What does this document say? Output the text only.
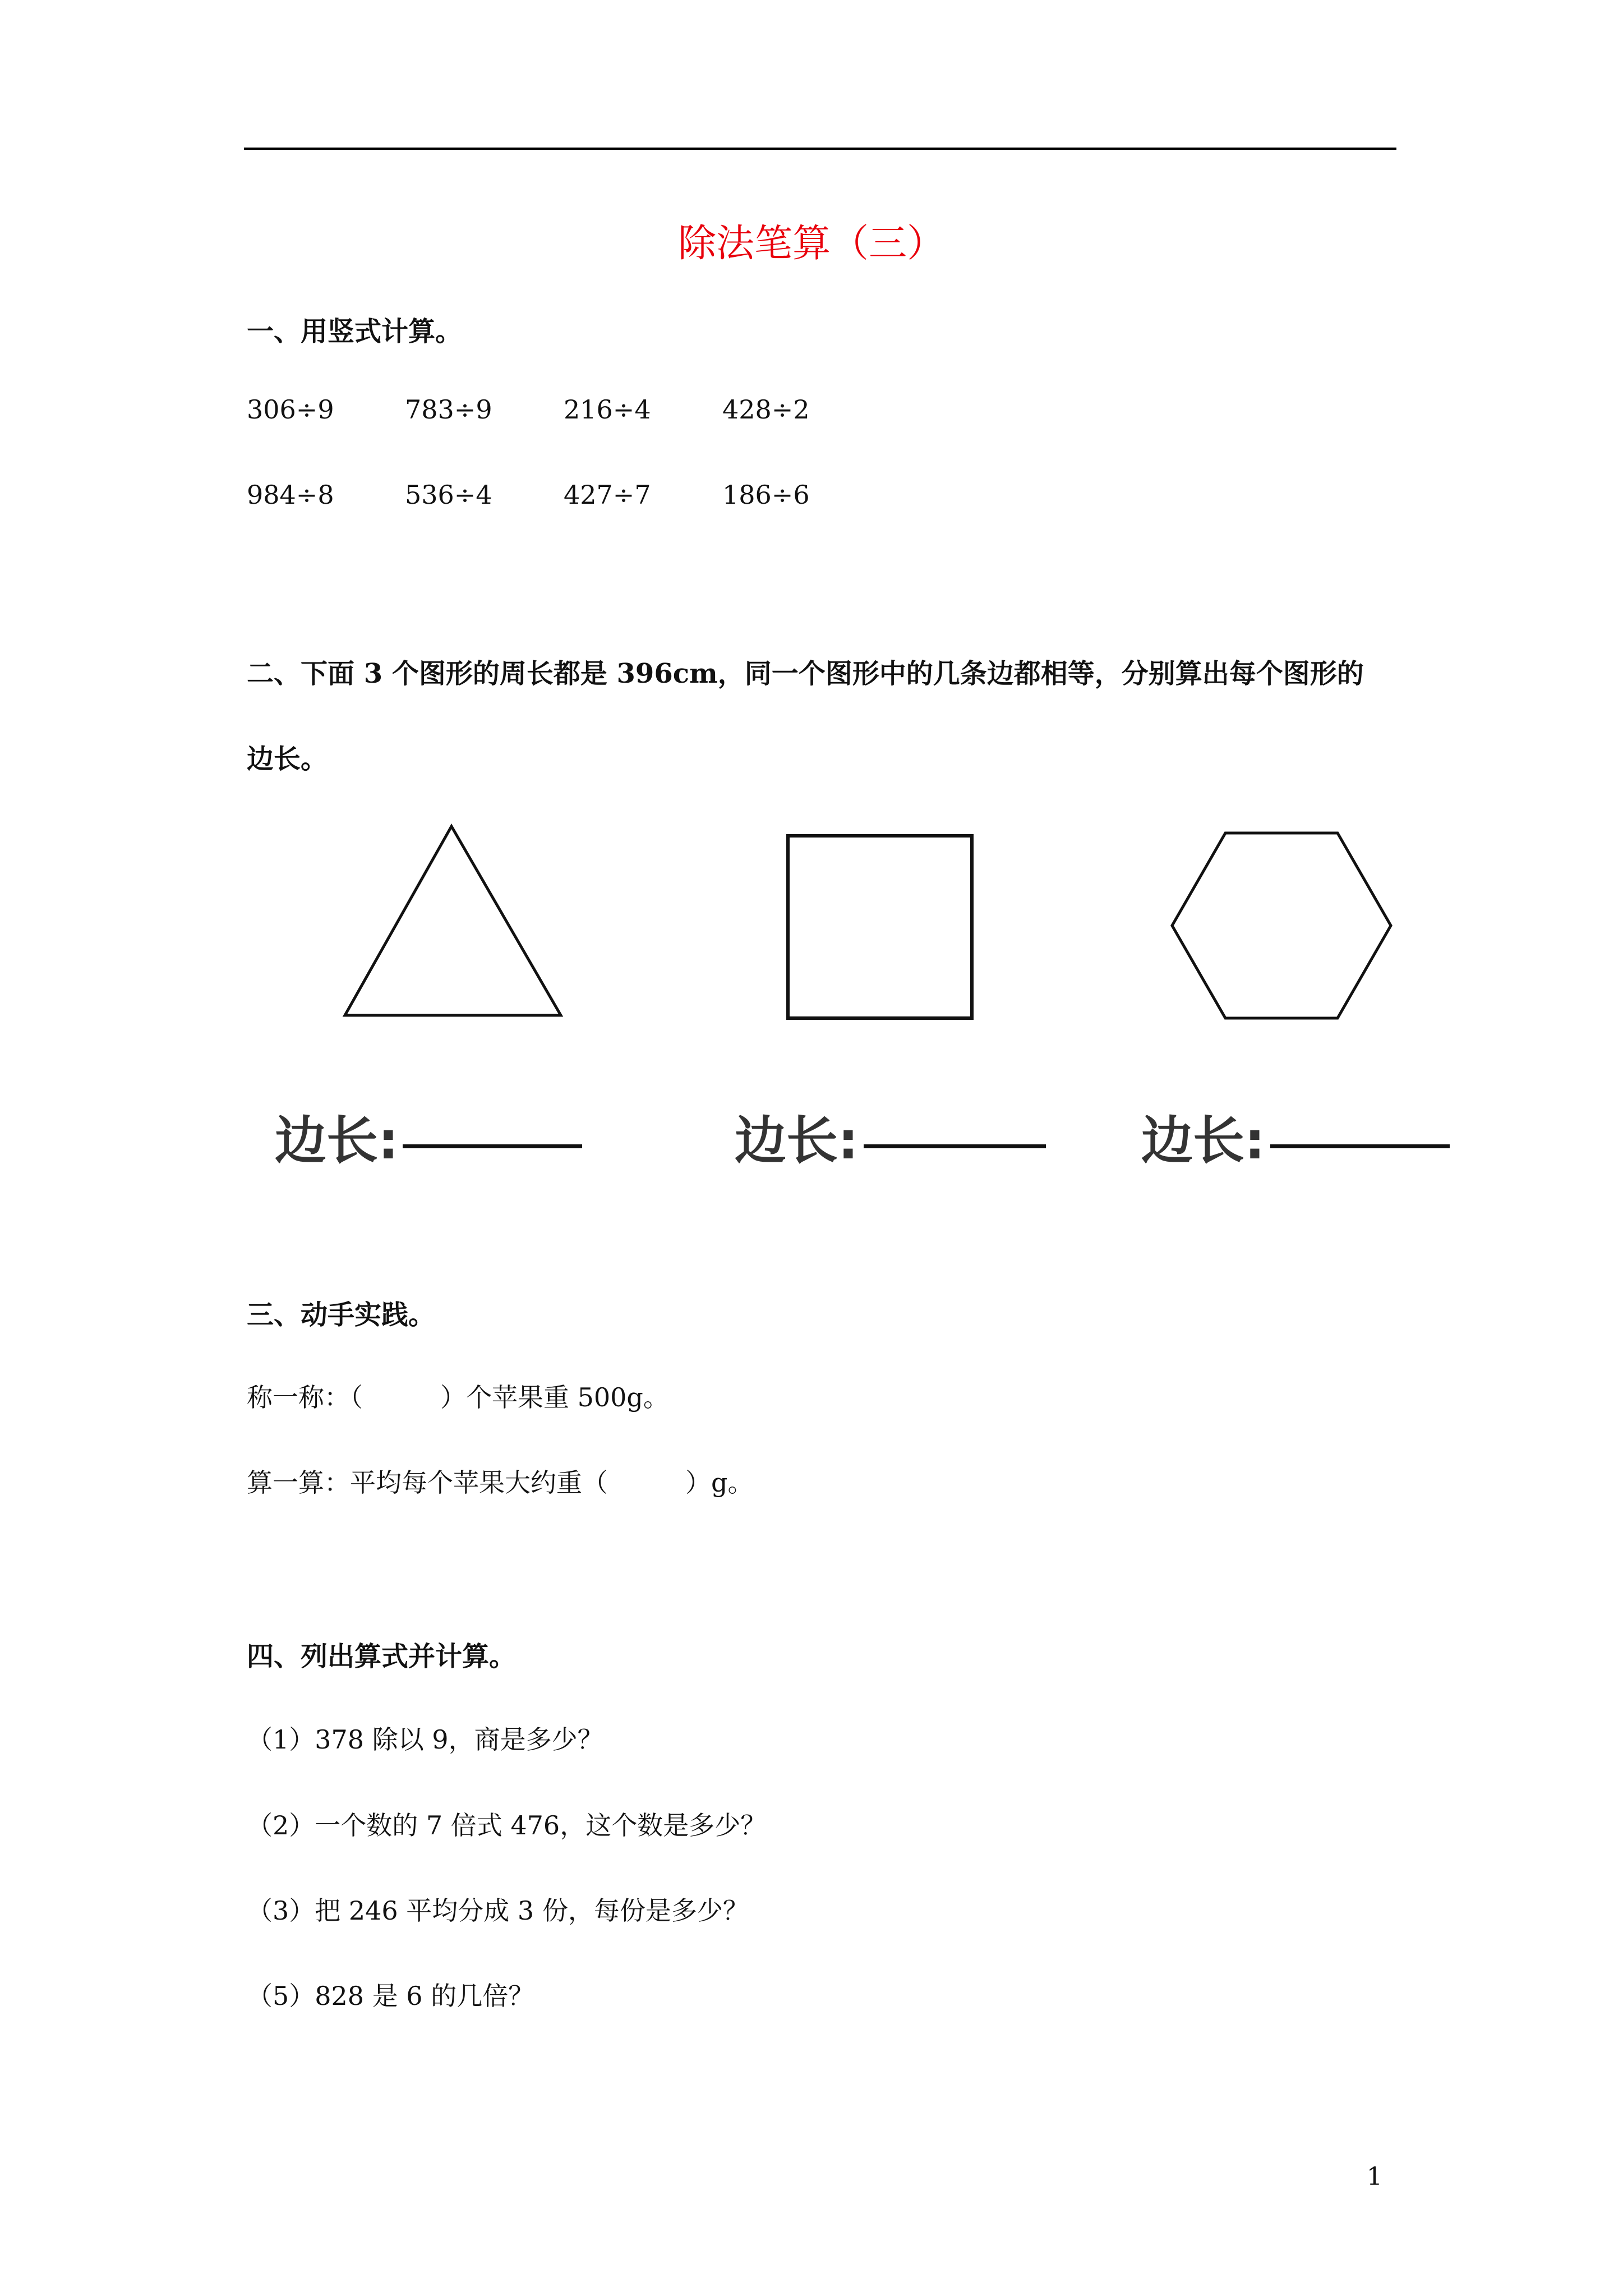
除法笔算（三）
一、用竖式计算。
306÷9	783÷9	216÷4	428÷2
984÷8	536÷4	427÷7	186÷6
二、下面 3 个图形的周长都是 396cm，同一个图形中的几条边都相等，分别算出每个图形的
边长。
边长:	边长:	边长:
三、动手实践。
称一称：（　　　）个苹果重 500g。
算一算：平均每个苹果大约重（　　　）g。
四、列出算式并计算。
（1）378 除以 9，商是多少？
（2）一个数的 7 倍式 476，这个数是多少？
（3）把 246 平均分成 3 份，每份是多少？
（5）828 是 6 的几倍？
1
